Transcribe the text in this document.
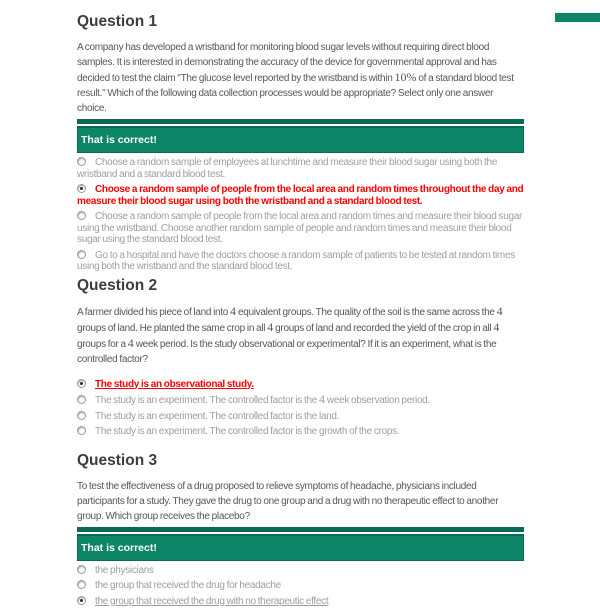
Question 1

A company has developed a wristband for monitoring blood sugar levels without requiring direct blood samples. It is interested in demonstrating the accuracy of the device for governmental approval and has decided to test the claim "The glucose level reported by the wristband is within 10% of a standard blood test result." Which of the following data collection processes would be appropriate? Select only one answer choice.

That is correct!
Choose a random sample of employees at lunchtime and measure their blood sugar using both the wristband and a standard blood test.
Choose a random sample of people from the local area and random times throughout the day and measure their blood sugar using both the wristband and a standard blood test.
Choose a random sample of people from the local area and random times and measure their blood sugar using the wristband. Choose another random sample of people and random times and measure their blood sugar using the standard blood test.
Go to a hospital and have the doctors choose a random sample of patients to be tested at random times using both the wristband and the standard blood test.
Question 2

A farmer divided his piece of land into 4 equivalent groups. The quality of the soil is the same across the 4 groups of land. He planted the same crop in all 4 groups of land and recorded the yield of the crop in all 4 groups for a 4 week period. Is the study observational or experimental? If it is an experiment, what is the controlled factor?

The study is an observational study.
The study is an experiment. The controlled factor is the 4 week observation period.
The study is an experiment. The controlled factor is the land.
The study is an experiment. The controlled factor is the growth of the crops.
Question 3

To test the effectiveness of a drug proposed to relieve symptoms of headache, physicians included participants for a study. They gave the drug to one group and a drug with no therapeutic effect to another group. Which group receives the placebo?

That is correct!
the physicians
the group that received the drug for headache
the group that received the drug with no therapeutic effect
